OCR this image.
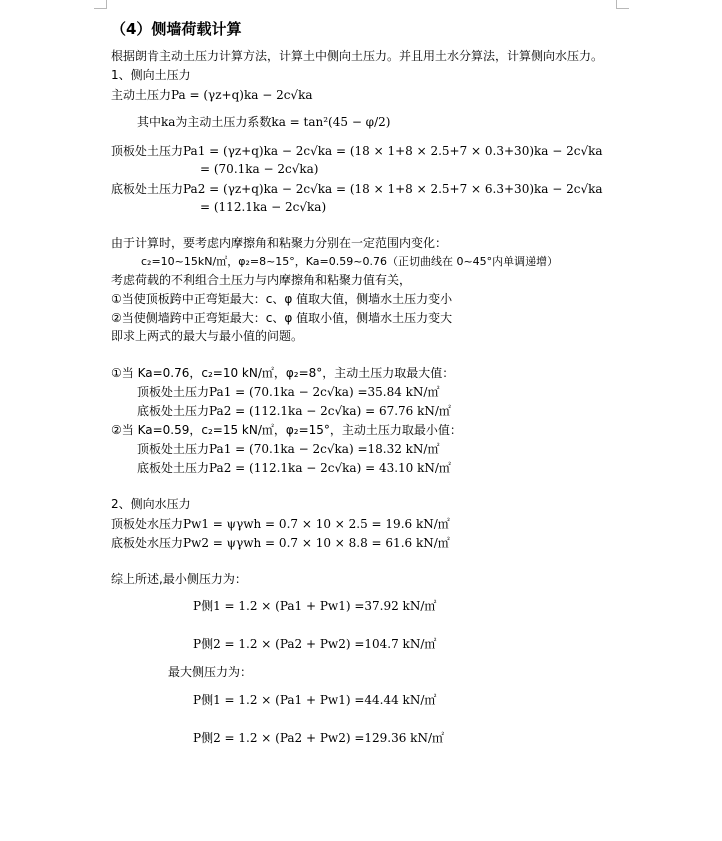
（4）侧墙荷载计算
根据朗肯主动土压力计算方法，计算土中侧向土压力。并且用土水分算法，计算侧向水压力。
1、侧向土压力
主动土压力Pa = (γz+q)ka − 2c√ka
其中ka为主动土压力系数ka = tan²(45 − φ/2)
顶板处土压力Pa1 = (γz+q)ka − 2c√ka = (18 × 1+8 × 2.5+7 × 0.3+30)ka − 2c√ka
= (70.1ka − 2c√ka)
底板处土压力Pa2 = (γz+q)ka − 2c√ka = (18 × 1+8 × 2.5+7 × 6.3+30)ka − 2c√ka
= (112.1ka − 2c√ka)
由于计算时，要考虑内摩擦角和粘聚力分别在一定范围内变化：
c₂=10~15kN/㎡，φ₂=8~15°，Ka=0.59~0.76（正切曲线在 0~45°内单调递增）
考虑荷载的不利组合土压力与内摩擦角和粘聚力值有关，
①当使顶板跨中正弯矩最大：c、φ 值取大值，侧墙水土压力变小
②当使侧墙跨中正弯矩最大：c、φ 值取小值，侧墙水土压力变大
即求上两式的最大与最小值的问题。
①当 Ka=0.76，c₂=10 kN/㎡，φ₂=8°，主动土压力取最大值：
顶板处土压力Pa1 = (70.1ka − 2c√ka) =35.84 kN/㎡
底板处土压力Pa2 = (112.1ka − 2c√ka) = 67.76 kN/㎡
②当 Ka=0.59，c₂=15 kN/㎡，φ₂=15°，主动土压力取最小值：
顶板处土压力Pa1 = (70.1ka − 2c√ka) =18.32 kN/㎡
底板处土压力Pa2 = (112.1ka − 2c√ka) = 43.10 kN/㎡
2、侧向水压力
顶板处水压力Pw1 = ψγwh = 0.7 × 10 × 2.5 = 19.6 kN/㎡
底板处水压力Pw2 = ψγwh = 0.7 × 10 × 8.8 = 61.6 kN/㎡
综上所述,最小侧压力为：
P侧1 = 1.2 × (Pa1 + Pw1) =37.92 kN/㎡
P侧2 = 1.2 × (Pa2 + Pw2) =104.7 kN/㎡
最大侧压力为：
P侧1 = 1.2 × (Pa1 + Pw1) =44.44 kN/㎡
P侧2 = 1.2 × (Pa2 + Pw2) =129.36 kN/㎡
